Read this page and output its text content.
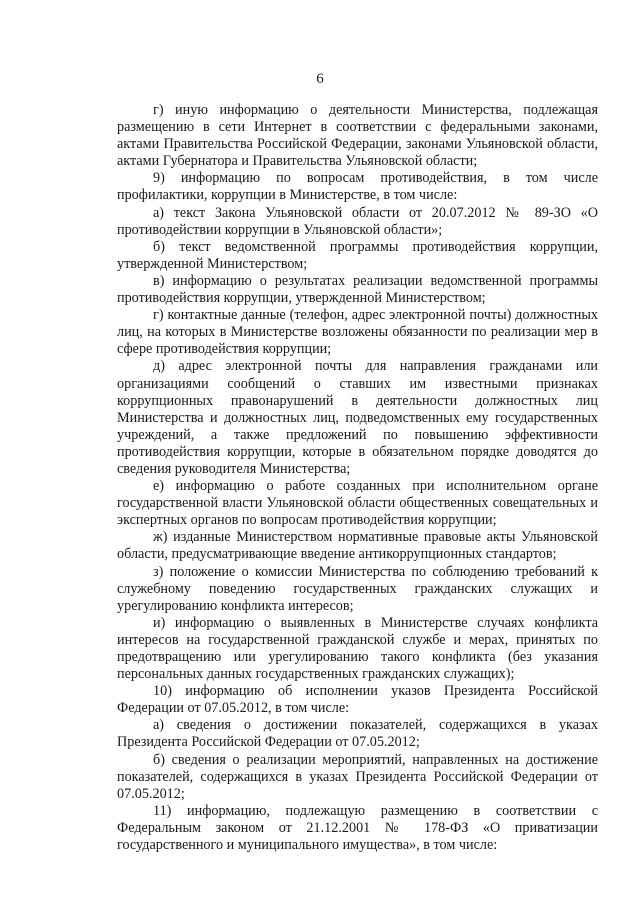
6

г) иную информацию о деятельности Министерства, подлежащая размещению в сети Интернет в соответствии с федеральными законами, актами Правительства Российской Федерации, законами Ульяновской области, актами Губернатора и Правительства Ульяновской области;

9) информацию по вопросам противодействия, в том числе профилактики, коррупции в Министерстве, в том числе:

а) текст Закона Ульяновской области от 20.07.2012 № 89-ЗО «О противодействии коррупции в Ульяновской области»;

б) текст ведомственной программы противодействия коррупции, утвержденной Министерством;

в) информацию о результатах реализации ведомственной программы противодействия коррупции, утвержденной Министерством;

г) контактные данные (телефон, адрес электронной почты) должностных лиц, на которых в Министерстве возложены обязанности по реализации мер в сфере противодействия коррупции;

д) адрес электронной почты для направления гражданами или организациями сообщений о ставших им известными признаках коррупционных правонарушений в деятельности должностных лиц Министерства и должностных лиц, подведомственных ему государственных учреждений, а также предложений по повышению эффективности противодействия коррупции, которые в обязательном порядке доводятся до сведения руководителя Министерства;

е) информацию о работе созданных при исполнительном органе государственной власти Ульяновской области общественных совещательных и экспертных органов по вопросам противодействия коррупции;

ж) изданные Министерством нормативные правовые акты Ульяновской области, предусматривающие введение антикоррупционных стандартов;

з) положение о комиссии Министерства по соблюдению требований к служебному поведению государственных гражданских служащих и урегулированию конфликта интересов;

и) информацию о выявленных в Министерстве случаях конфликта интересов на государственной гражданской службе и мерах, принятых по предотвращению или урегулированию такого конфликта (без указания персональных данных государственных гражданских служащих);

10) информацию об исполнении указов Президента Российской Федерации от 07.05.2012, в том числе:

а) сведения о достижении показателей, содержащихся в указах Президента Российской Федерации от 07.05.2012;

б) сведения о реализации мероприятий, направленных на достижение показателей, содержащихся в указах Президента Российской Федерации от 07.05.2012;

11) информацию, подлежащую размещению в соответствии с Федеральным законом от 21.12.2001 № 178-ФЗ «О приватизации государственного и муниципального имущества», в том числе:
